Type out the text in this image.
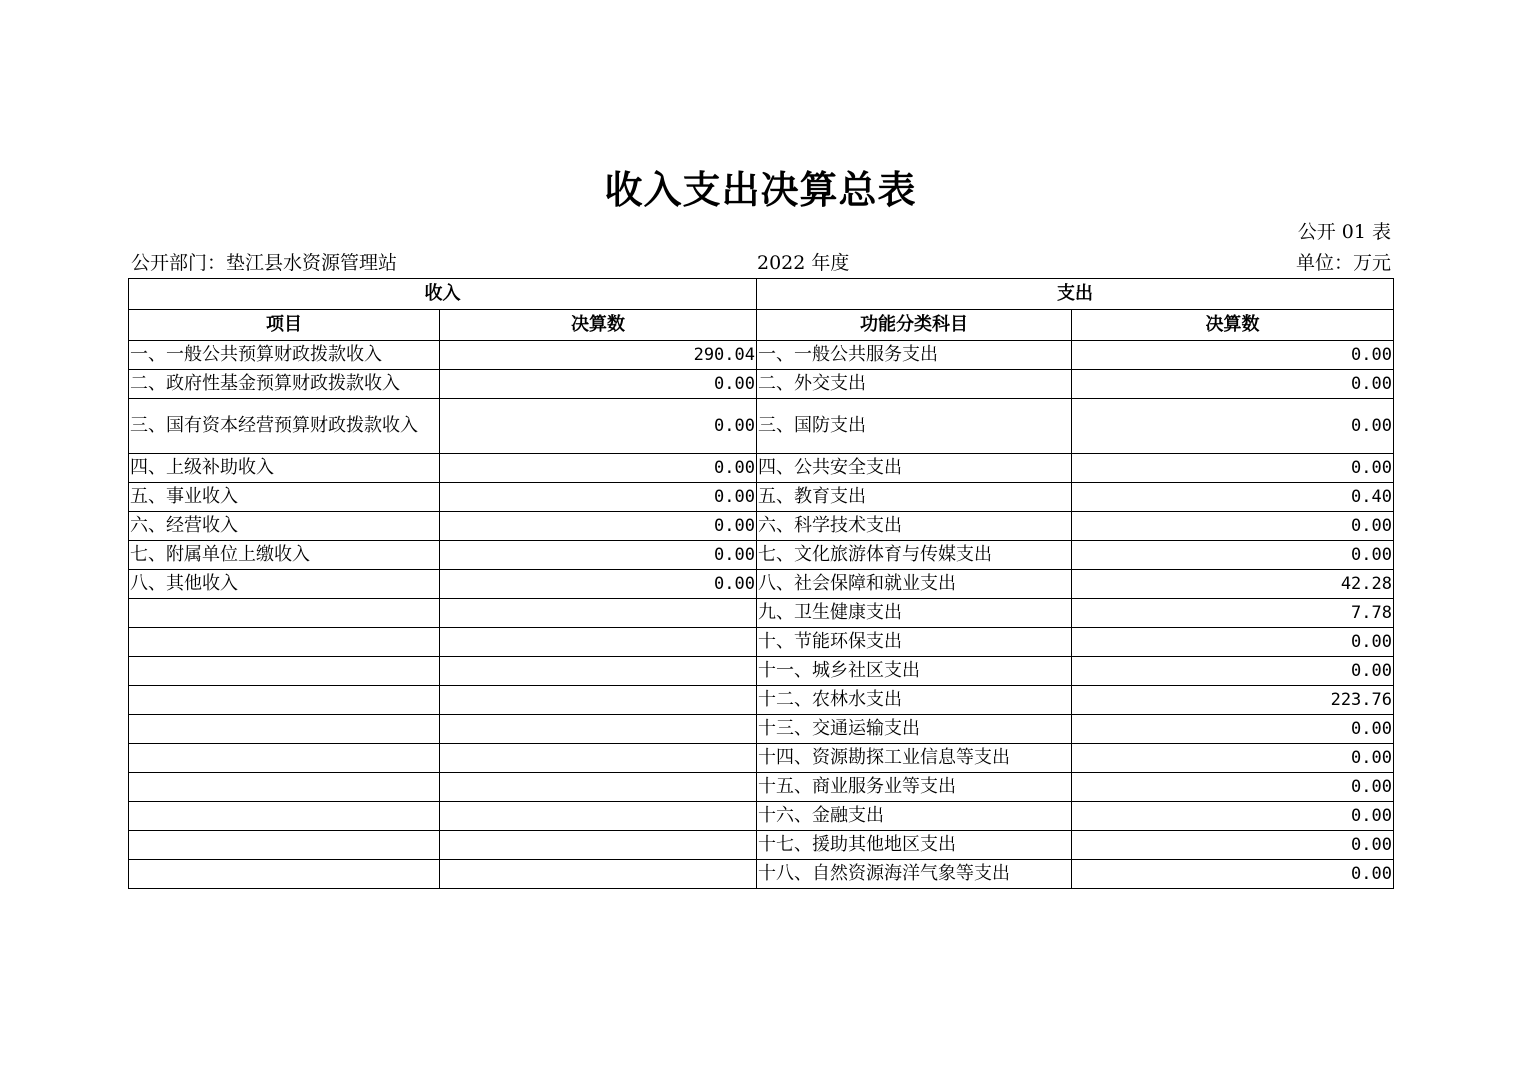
收入支出决算总表
公开 01 表
公开部门：垫江县水资源管理站	2022 年度	单位：万元
收入		支出	
项目	决算数	功能分类科目	决算数
一、一般公共预算财政拨款收入	290.04	一、一般公共服务支出	0.00
二、政府性基金预算财政拨款收入	0.00	二、外交支出	0.00
三、国有资本经营预算财政拨款收入	0.00	三、国防支出	0.00
四、上级补助收入	0.00	四、公共安全支出	0.00
五、事业收入	0.00	五、教育支出	0.40
六、经营收入	0.00	六、科学技术支出	0.00
七、附属单位上缴收入	0.00	七、文化旅游体育与传媒支出	0.00
八、其他收入	0.00	八、社会保障和就业支出	42.28
		九、卫生健康支出	7.78
		十、节能环保支出	0.00
		十一、城乡社区支出	0.00
		十二、农林水支出	223.76
		十三、交通运输支出	0.00
		十四、资源勘探工业信息等支出	0.00
		十五、商业服务业等支出	0.00
		十六、金融支出	0.00
		十七、援助其他地区支出	0.00
		十八、自然资源海洋气象等支出	0.00
